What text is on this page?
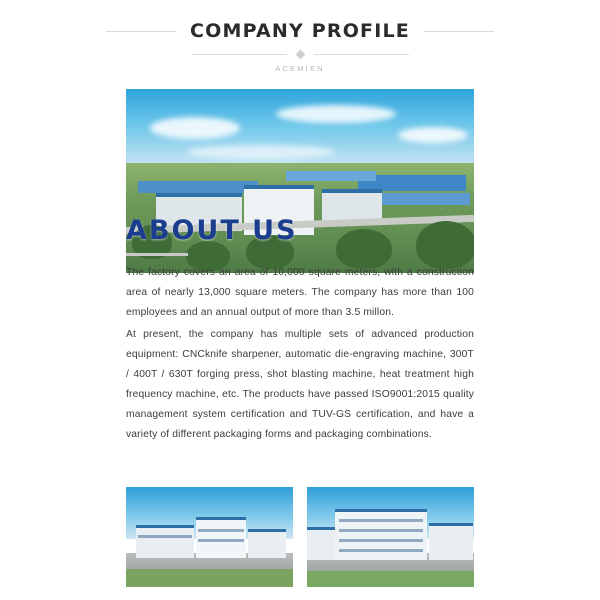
COMPANY PROFILE
ACEMIEN
ABOUT US

The factory covers an area of 10,000 square meters, with a construction area of nearly 13,000 square meters. The company has more than 100 employees and an annual output of more than 3.5 millon.

At present, the company has multiple sets of advanced production equipment: CNCknife sharpener, automatic die-engraving machine, 300T / 400T / 630T forging press, shot blasting machine, heat treatment high frequency machine, etc. The products have passed ISO9001:2015 quality management system certification and TUV-GS certification, and have a variety of different packaging forms and packaging combinations.
